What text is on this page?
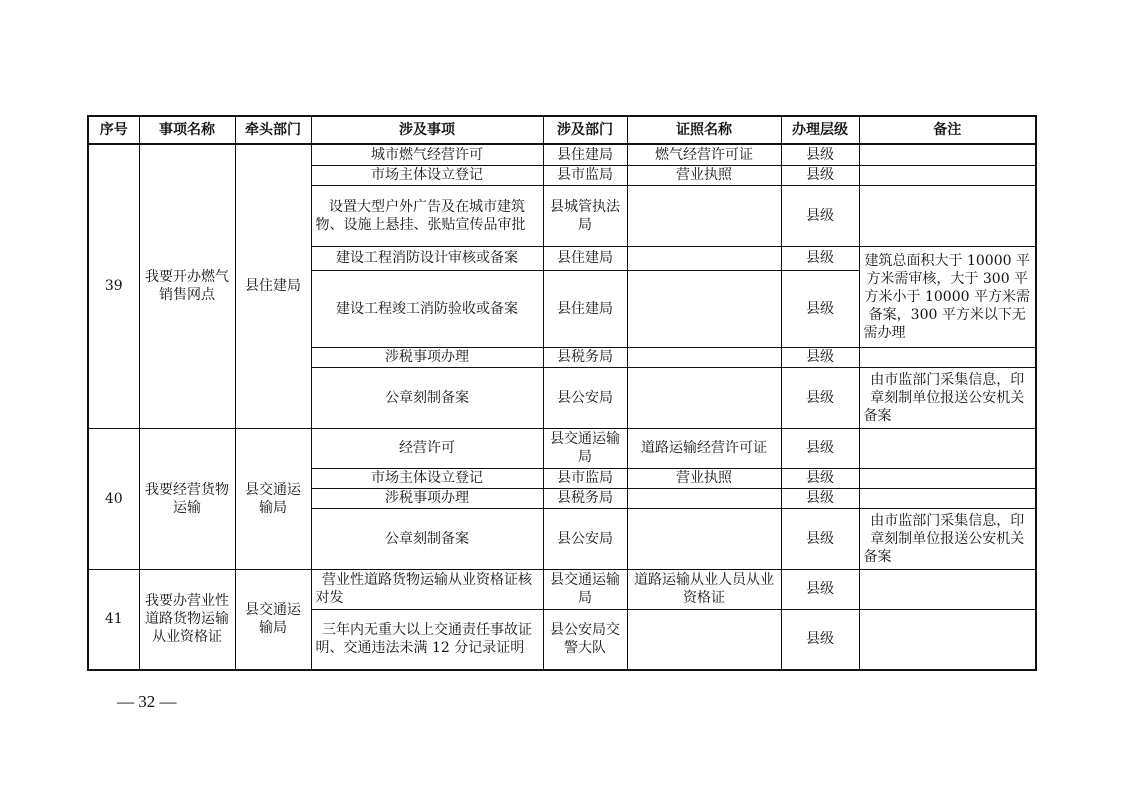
序号	事项名称	牵头部门	涉及事项	涉及部门	证照名称	办理层级	备注
39	我要开办燃气销售网点	县住建局	城市燃气经营许可	县住建局	燃气经营许可证	县级	
			市场主体设立登记	县市监局	营业执照	县级	
			设置大型户外广告及在城市建筑物、设施上悬挂、张贴宣传品审批	县城管执法局		县级	
			建设工程消防设计审核或备案	县住建局		县级	建筑总面积大于 10000 平方米需审核，大于 300 平方米小于 10000 平方米需备案，300 平方米以下无需办理
			建设工程竣工消防验收或备案	县住建局		县级	
			涉税事项办理	县税务局		县级	
			公章刻制备案	县公安局		县级	由市监部门采集信息，印章刻制单位报送公安机关备案
40	我要经营货物运输	县交通运输局	经营许可	县交通运输局	道路运输经营许可证	县级	
			市场主体设立登记	县市监局	营业执照	县级	
			涉税事项办理	县税务局		县级	
			公章刻制备案	县公安局		县级	由市监部门采集信息，印章刻制单位报送公安机关备案
41	我要办营业性道路货物运输从业资格证	县交通运输局	营业性道路货物运输从业资格证核对发	县交通运输局	道路运输从业人员从业资格证	县级	
			三年内无重大以上交通责任事故证明、交通违法未满 12 分记录证明	县公安局交警大队		县级	
— 32 —
